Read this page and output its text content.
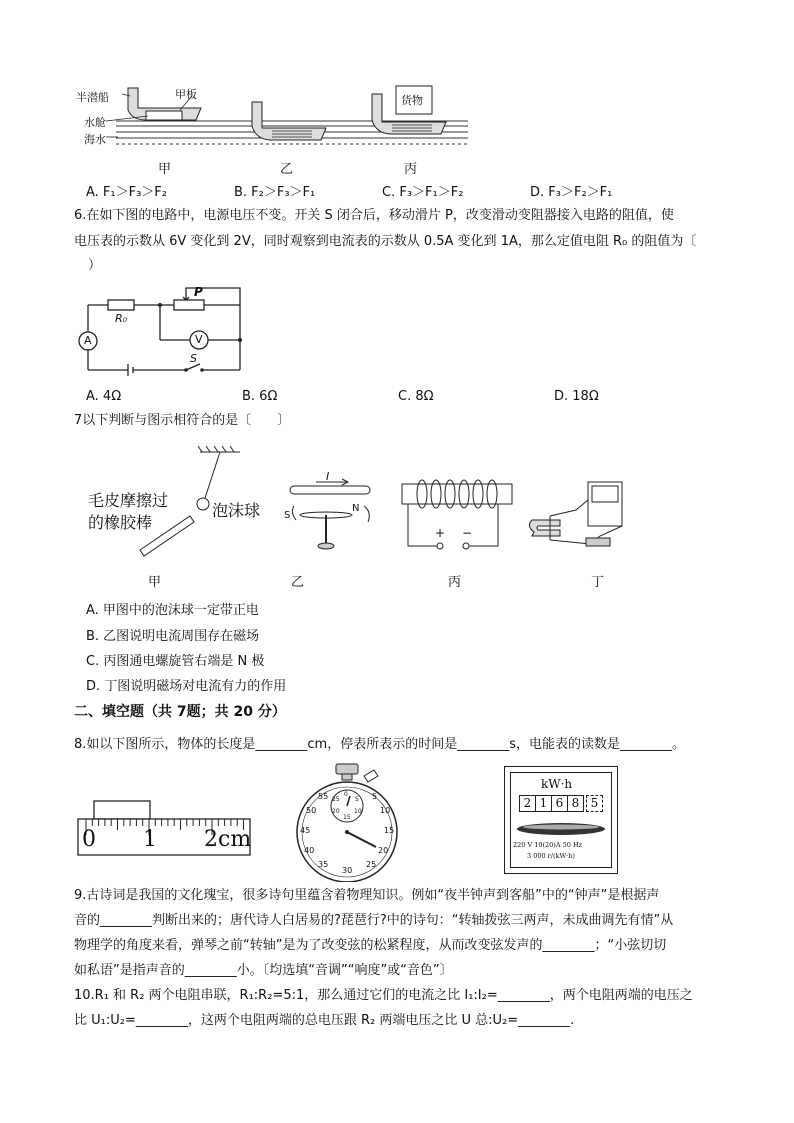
半潜船	甲板
水舱
海水
货物
甲	乙	丙
A. F₁＞F₃＞F₂	B. F₂＞F₃＞F₁	C. F₃＞F₁＞F₂	D. F₃＞F₂＞F₁
6.在如下图的电路中，电源电压不变。开关 S 闭合后，移动滑片 P，改变滑动变阻器接入电路的阻值，使
电压表的示数从 6V 变化到 2V，同时观察到电流表的示数从 0.5A 变化到 1A，那么定值电阻 R₀ 的阻值为〔
）
P
R₀
A	V
S
A. 4Ω	B. 6Ω	C. 8Ω	D. 18Ω
7以下判断与图示相符合的是〔　　〕
毛皮摩擦过
的橡胶棒
泡沫球
I
S
N
+ −
甲	乙	丙	丁
A. 甲图中的泡沫球一定带正电
B. 乙图说明电流周围存在磁场
C. 丙图通电螺旋管右端是 N 极
D. 丁图说明磁场对电流有力的作用
二、填空题（共 7题；共 20 分）
8.如以下图所示，物体的长度是________cm，停表所表示的时间是________s，电能表的读数是________。
0 1 2cm
50
55	5
10
15
20
25
30
35
40
45
25
0
5
10
20
15
kW·h
2 1 6 8 5
220 V 10(20)A 50 Hz
3 000 r/(kW·h)
9.古诗词是我国的文化瑰宝，很多诗句里蕴含着物理知识。例如“夜半钟声到客船”中的“钟声”是根据声
音的________判断出来的；唐代诗人白居易的?琵琶行?中的诗句：“转轴拨弦三两声，未成曲调先有情”从
物理学的角度来看，弹琴之前“转轴”是为了改变弦的松紧程度，从而改变弦发声的________；“小弦切切
如私语”是指声音的________小。〔均选填“音调”“响度”或“音色”〕
10.R₁ 和 R₂ 两个电阻串联，R₁:R₂=5:1，那么通过它们的电流之比 I₁:I₂=________，两个电阻两端的电压之
比 U₁:U₂=________，这两个电阻两端的总电压跟 R₂ 两端电压之比 U 总:U₂=________.
